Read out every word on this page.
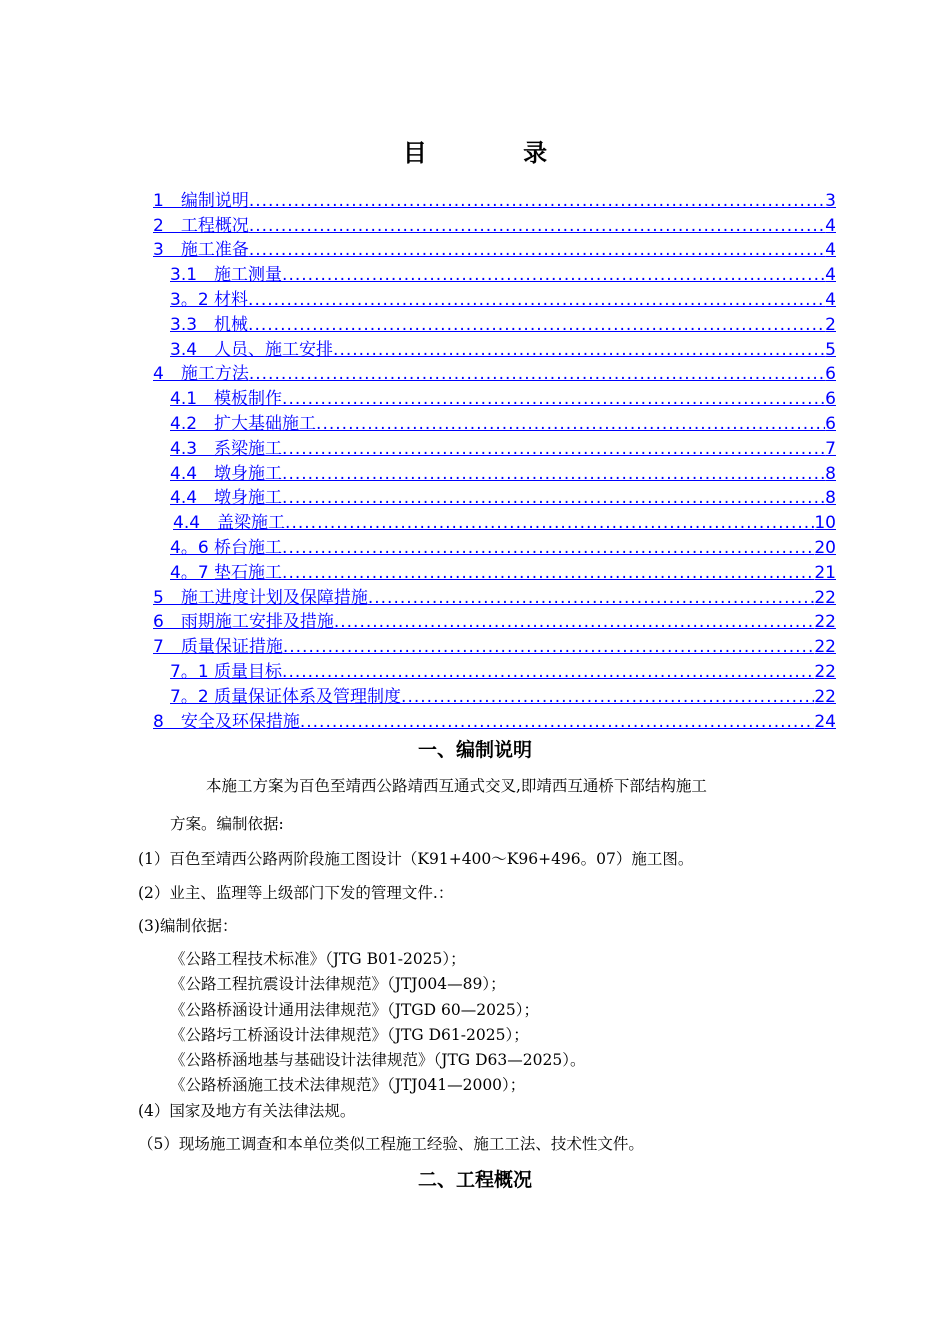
目 录
1　编制说明 .....	3
2　工程概况 .....	4
3　施工准备 .....	4
3.1　施工测量 .....	4
3。2 材料 .....	4
3.3　机械 .....	2
3.4　人员、施工安排 .....	5
4　施工方法 .....	6
4.1　模板制作 .....	6
4.2　扩大基础施工 .....	6
4.3　系梁施工 .....	7
4.4　墩身施工 .....	8
4.4　墩身施工 .....	8
4.4　盖梁施工 .....	10
4。6 桥台施工 .....	20
4。7 垫石施工 .....	21
5　施工进度计划及保障措施 .....	22
6　雨期施工安排及措施 .....	22
7　质量保证措施 .....	22
7。1 质量目标 .....	22
7。2 质量保证体系及管理制度 .....	22
8　安全及环保措施 .....	24
一、编制说明
本施工方案为百色至靖西公路靖西互通式交叉,即靖西互通桥下部结构施工
方案。编制依据:
(1）百色至靖西公路两阶段施工图设计（K91+400～K96+496。07）施工图。
(2）业主、监理等上级部门下发的管理文件.：
(3)编制依据：
《公路工程技术标准》（JTG B01-2025）；
《公路工程抗震设计法律规范》（JTJ004—89）；
《公路桥涵设计通用法律规范》（JTGD 60—2025）；
《公路圬工桥涵设计法律规范》（JTG D61-2025）；
《公路桥涵地基与基础设计法律规范》（JTG D63—2025）。
《公路桥涵施工技术法律规范》（JTJ041—2000）；
(4）国家及地方有关法律法规。
（5）现场施工调查和本单位类似工程施工经验、施工工法、技术性文件。
二、工程概况
